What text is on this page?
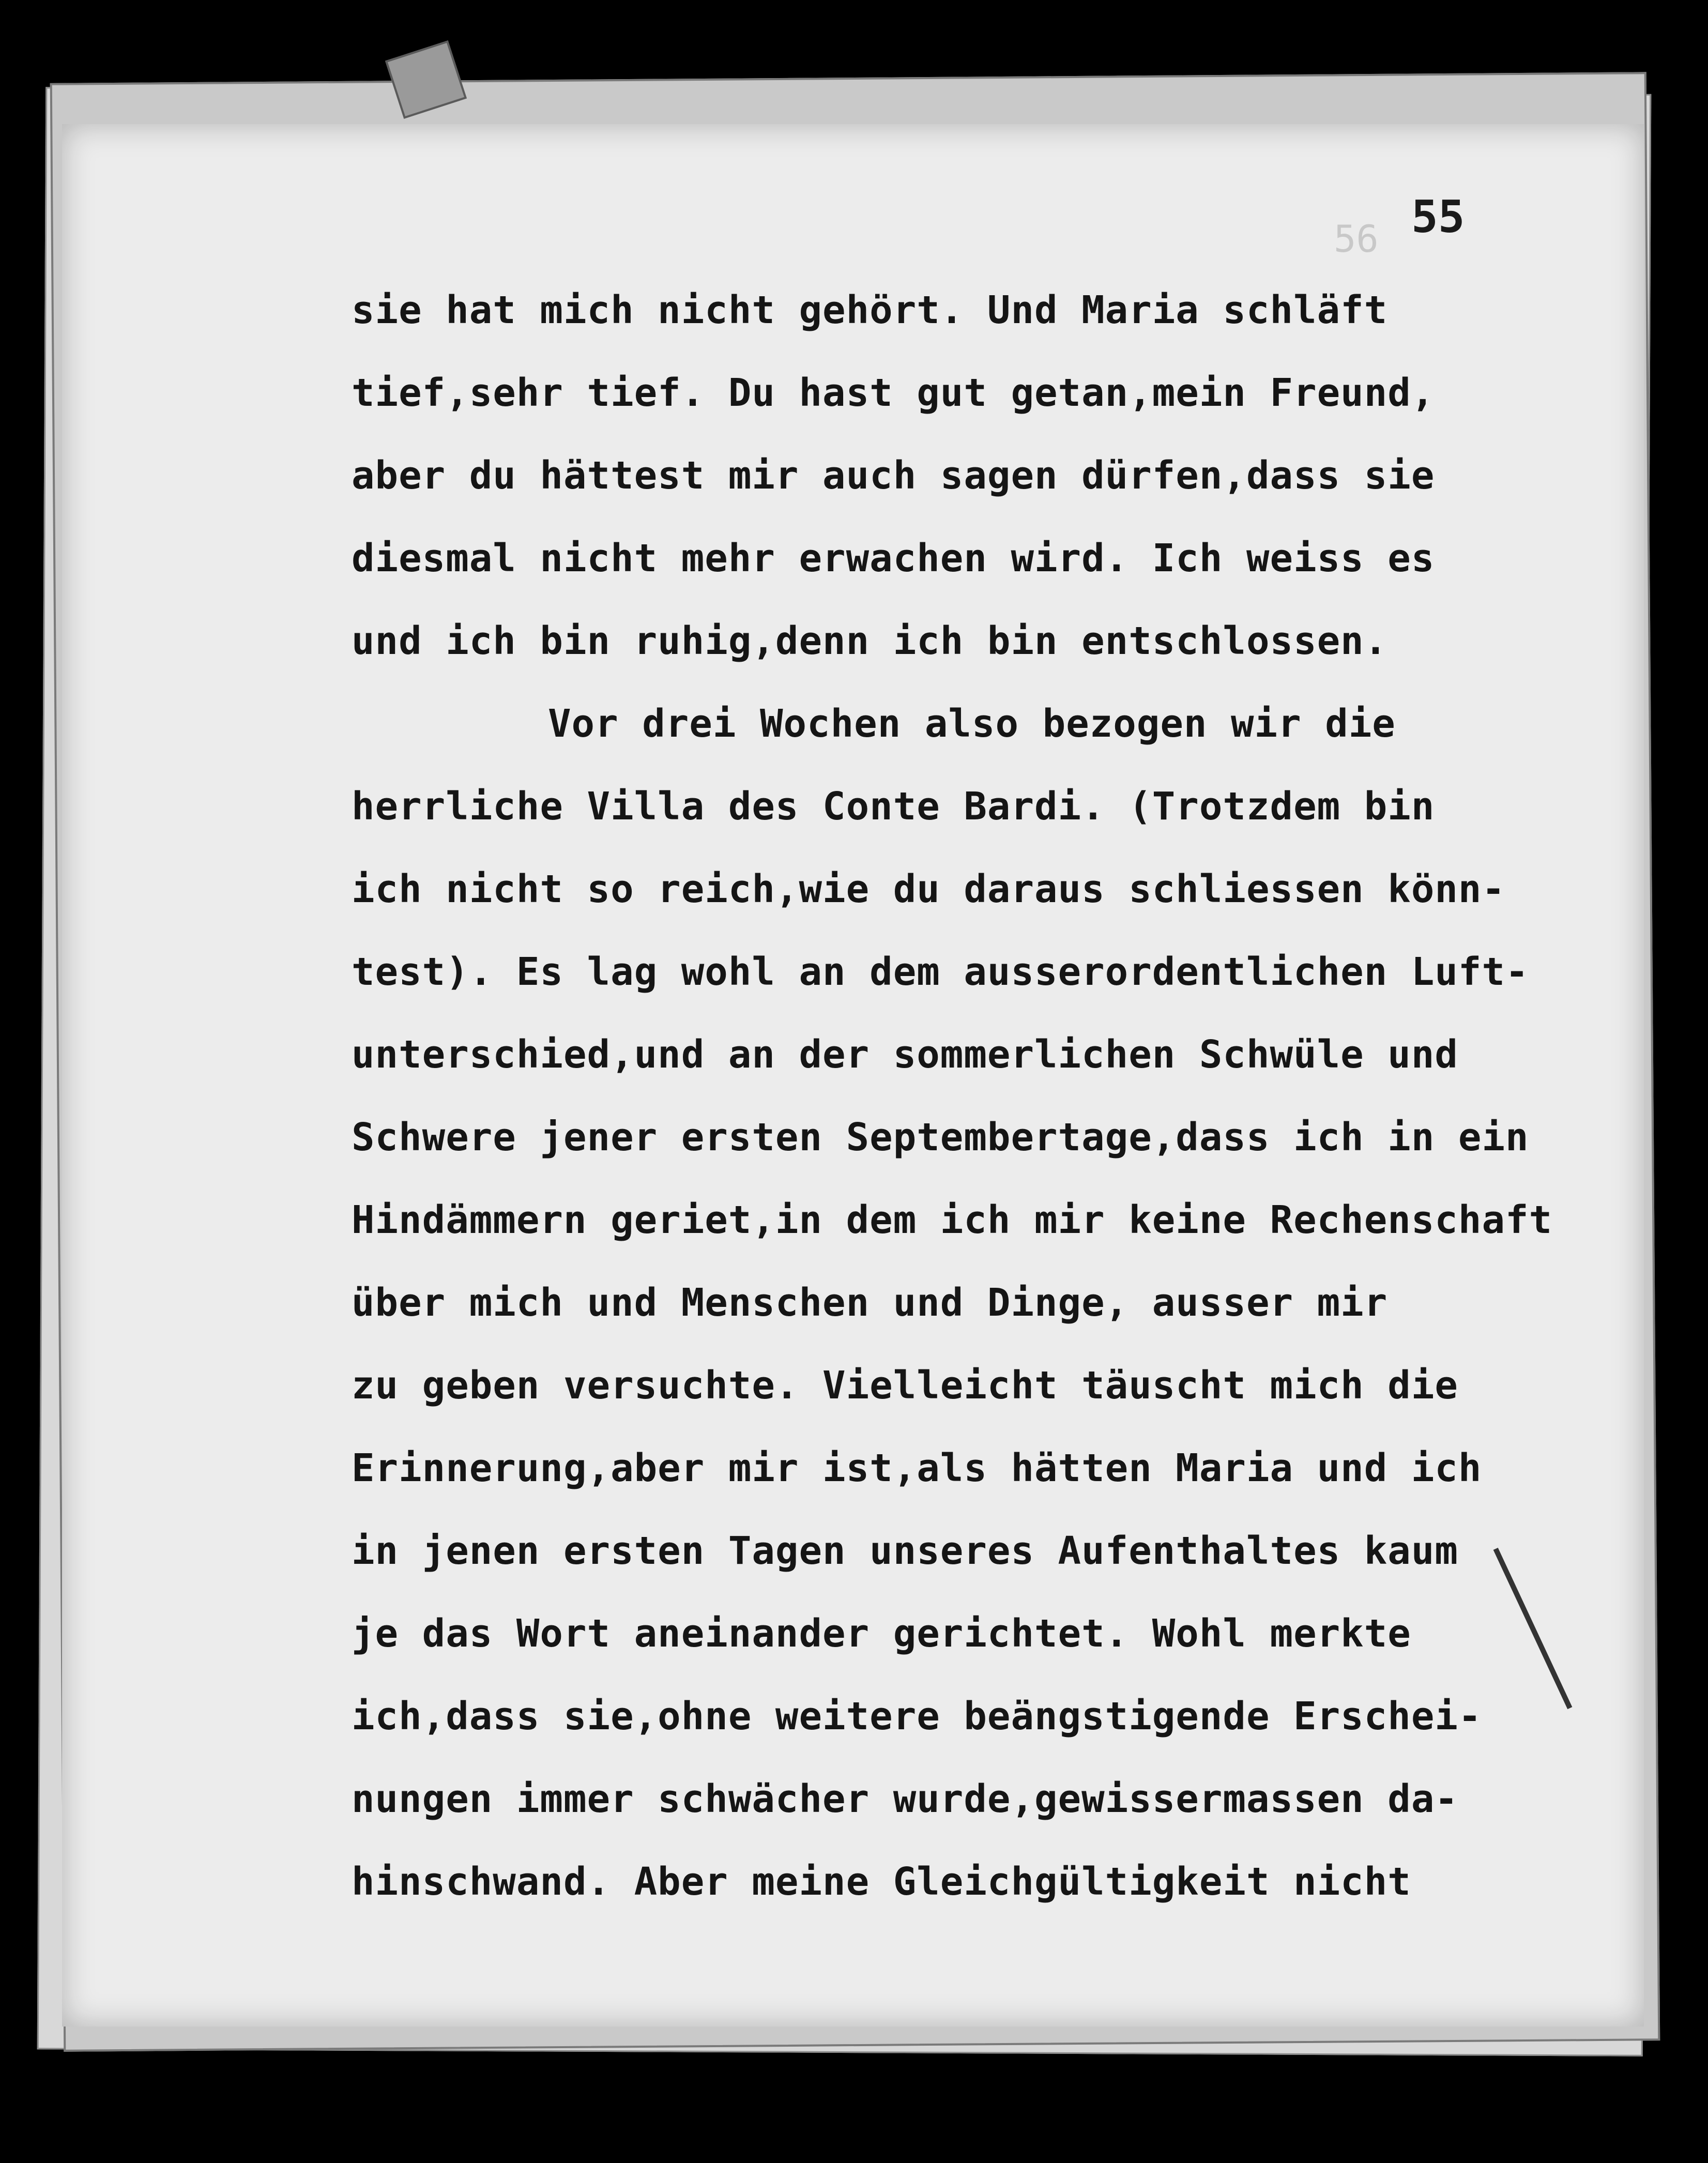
56 55
sie hat mich nicht gehört. Und Maria schläft
tief,sehr tief. Du hast gut getan,mein Freund,
aber du hättest mir auch sagen dürfen,dass sie
diesmal nicht mehr erwachen wird. Ich weiss es
und ich bin ruhig,denn ich bin entschlossen.
Vor drei Wochen also bezogen wir die
herrliche Villa des Conte Bardi. (Trotzdem bin
ich nicht so reich,wie du daraus schliessen könn-
test). Es lag wohl an dem ausserordentlichen Luft-
unterschied,und an der sommerlichen Schwüle und
Schwere jener ersten Septembertage,dass ich in ein
Hindämmern geriet,in dem ich mir keine Rechenschaft
über mich und Menschen und Dinge, ausser mir
zu geben versuchte. Vielleicht täuscht mich die
Erinnerung,aber mir ist,als hätten Maria und ich
in jenen ersten Tagen unseres Aufenthaltes kaum
je das Wort aneinander gerichtet. Wohl merkte
ich,dass sie,ohne weitere beängstigende Erschei-
nungen immer schwächer wurde,gewissermassen da-
hinschwand. Aber meine Gleichgültigkeit nicht
